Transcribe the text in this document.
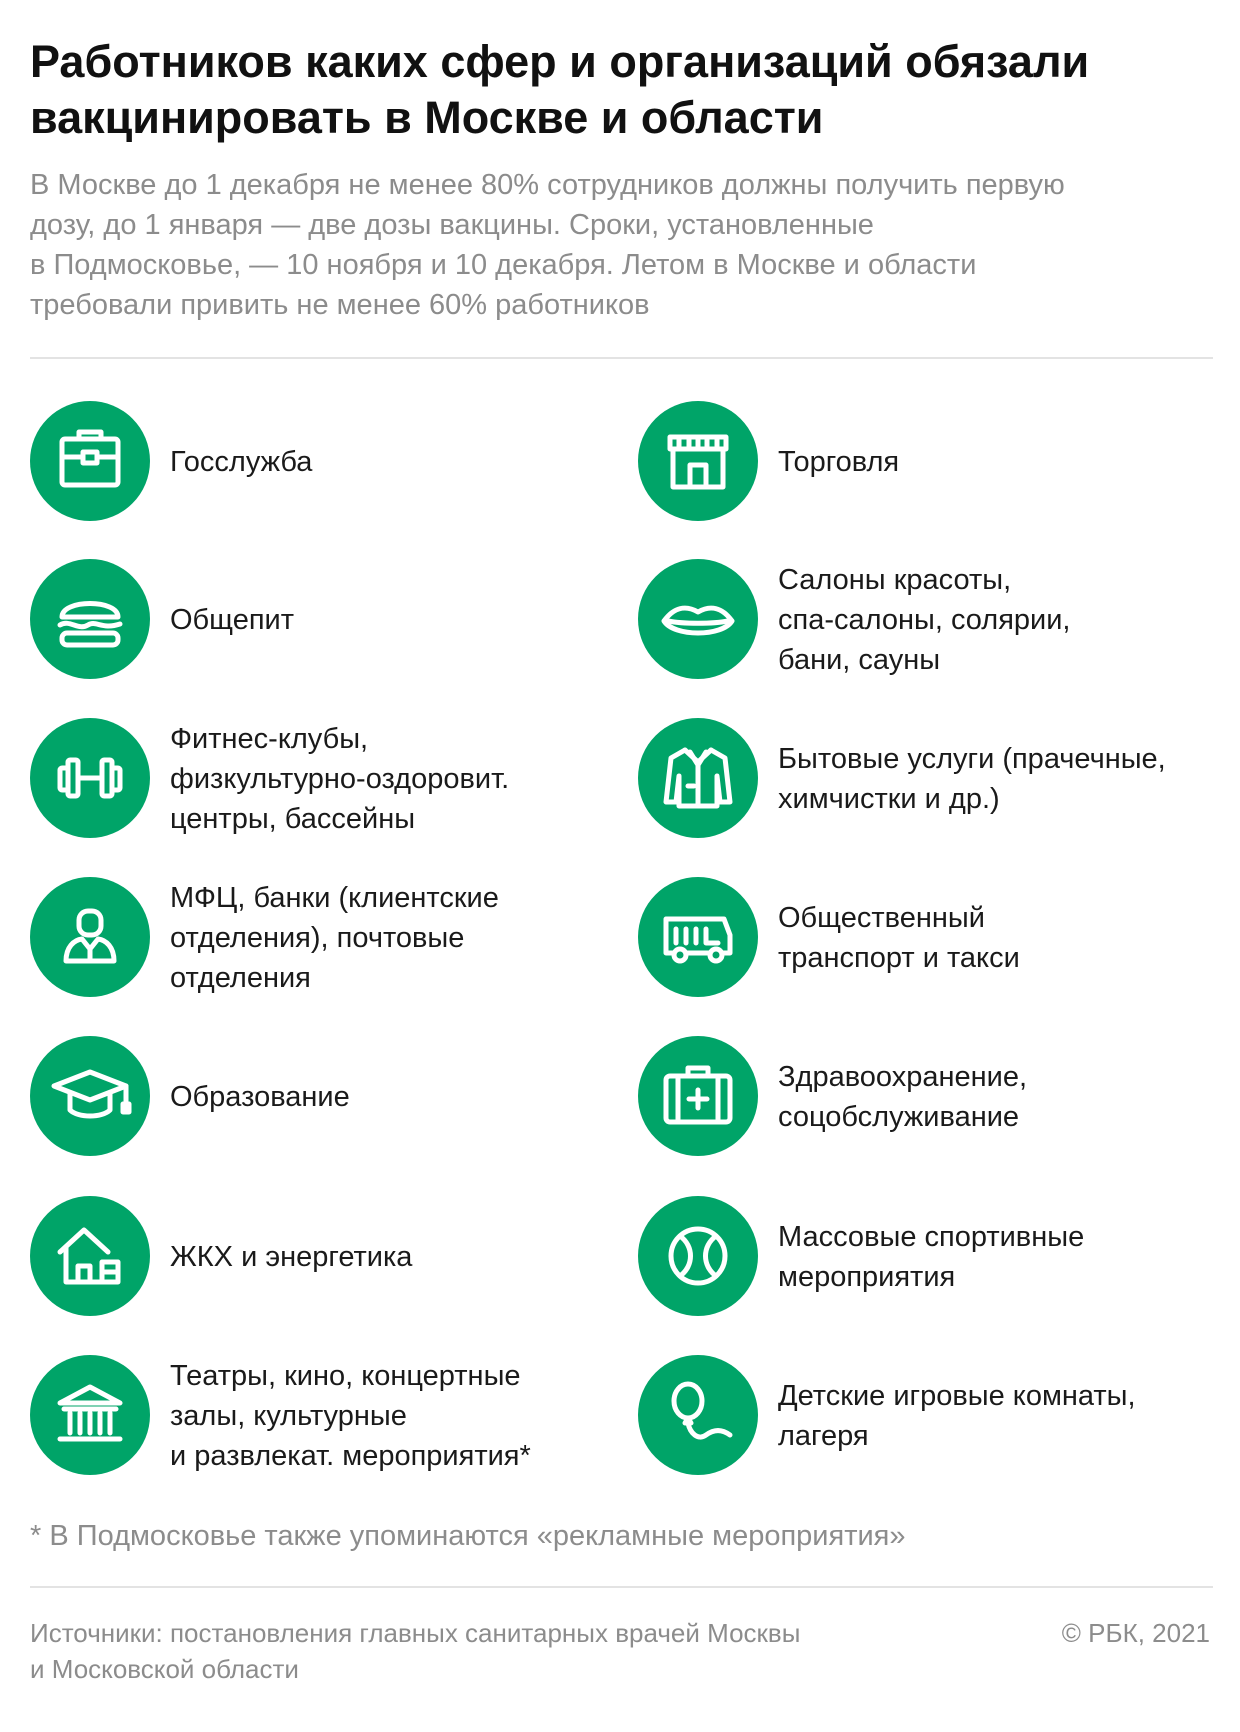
Работников каких сфер и организаций обязали
вакцинировать в Москве и области

В Москве до 1 декабря не менее 80% сотрудников должны получить первую
дозу, до 1 января — две дозы вакцины. Сроки, установленные
в Подмосковье, — 10 ноября и 10 декабря. Летом в Москве и области
требовали привить не менее 60% работников

Госслужба	Торговля
Общепит
Салоны красоты,
спа-салоны, солярии,
бани, сауны
Фитнес-клубы,
физкультурно-оздоровит.
центры, бассейны
Бытовые услуги (прачечные,
химчистки и др.)
МФЦ, банки (клиентские
отделения), почтовые
отделения
Общественный
транспорт и такси
Образование
Здравоохранение,
соцобслуживание
ЖКХ и энергетика
Массовые спортивные
мероприятия
Театры, кино, концертные
залы, культурные
и развлекат. мероприятия*
Детские игровые комнаты,
лагеря
* В Подмосковье также упоминаются «рекламные мероприятия»
Источники: постановления главных санитарных врачей Москвы
и Московской области
© РБК, 2021
